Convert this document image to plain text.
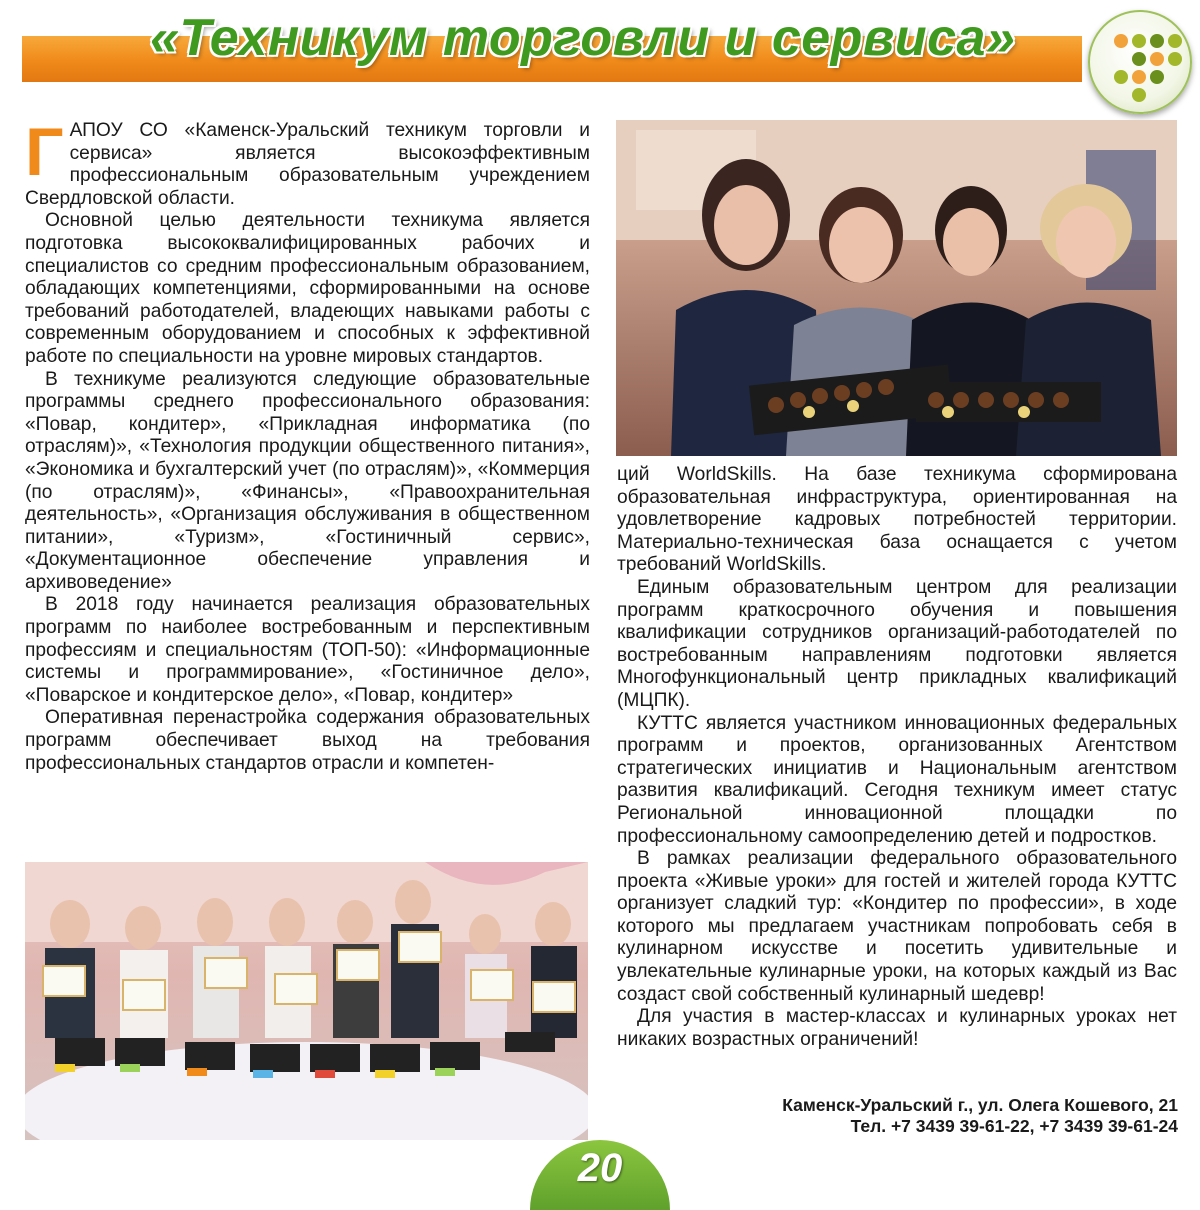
«Техникум торговли и сервиса»

ГАПОУ СО «Каменск-Уральский техникум торговли и сервиса» является высокоэффективным профессиональным образовательным учреждением Свердловской области.

Основной целью деятельности техникума является подготовка высококвалифицированных рабочих и специалистов со средним профессиональным образованием, обладающих компетенциями, сформированными на основе требований работодателей, владеющих навыками работы с современным оборудованием и способных к эффективной работе по специальности на уровне мировых стандартов.

В техникуме реализуются следующие образовательные программы среднего профессионального образования: «Повар, кондитер», «Прикладная информатика (по отраслям)», «Технология продукции общественного питания», «Экономика и бухгалтерский учет (по отраслям)», «Коммерция (по отраслям)», «Финансы», «Правоохранительная деятельность», «Организация обслуживания в общественном питании», «Туризм», «Гостиничный сервис», «Документационное обеспечение управления и архивоведение»

В 2018 году начинается реализация образовательных программ по наиболее востребованным и перспективным профессиям и специальностям (ТОП-50): «Информационные системы и программирование», «Гостиничное дело», «Поварское и кондитерское дело», «Повар, кондитер»

Оперативная перенастройка содержания образовательных программ обеспечивает выход на требования профессиональных стандартов отрасли и компетен-

ций WorldSkills. На базе техникума сформирована образовательная инфраструктура, ориентированная на удовлетворение кадровых потребностей территории. Материально-техническая база оснащается с учетом требований WorldSkills.

Единым образовательным центром для реализации программ краткосрочного обучения и повышения квалификации сотрудников организаций-работодателей по востребованным направлениям подготовки является Многофункциональный центр прикладных квалификаций (МЦПК).

КУТТС является участником инновационных федеральных программ и проектов, организованных Агентством стратегических инициатив и Национальным агентством развития квалификаций. Сегодня техникум имеет статус Региональной инновационной площадки по профессиональному самоопределению детей и подростков.

В рамках реализации федерального образовательного проекта «Живые уроки» для гостей и жителей города КУТТС организует сладкий тур: «Кондитер по профессии», в ходе которого мы предлагаем участникам попробовать себя в кулинарном искусстве и посетить удивительные и увлекательные кулинарные уроки, на которых каждый из Вас создаст свой собственный кулинарный шедевр!

Для участия в мастер-классах и кулинарных уроках нет никаких возрастных ограничений!

Каменск-Уральский г., ул. Олега Кошевого, 21
Тел. +7 3439 39-61-22, +7 3439 39-61-24
20
